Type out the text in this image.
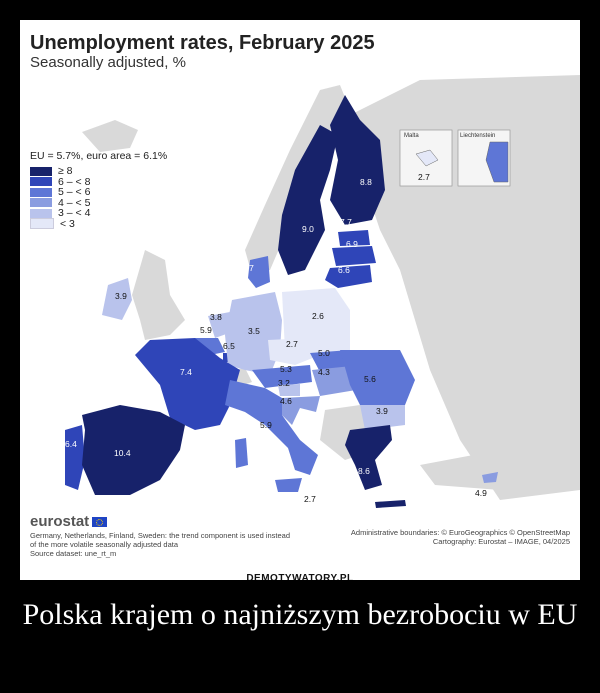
Malta	Liechtenstein
8.8
9.0
7.7
6.9
6.6
5.7
3.9
3.8
5.9
6.5
3.5
2.6
2.7
5.0
5.3	4.3
3.2
4.6
5.6
3.9
7.4
5.9
2.7
6.4
10.4
8.6
2.7
4.9
Unemployment rates, February 2025
Seasonally adjusted, %
EU = 5.7%, euro area = 6.1%
≥ 8
6 – < 8
5 – < 6
4 – < 5
3 – < 4
< 3
eurostat
Germany, Netherlands, Finland, Sweden: the trend component is used instead
of the more volatile seasonally adjusted data
Source dataset: une_rt_m
Administrative boundaries: © EuroGeographics © OpenStreetMap
Cartography: Eurostat – IMAGE, 04/2025
DEMOTYWATORY.PL
Polska krajem o najniższym bezrobociu w EU
